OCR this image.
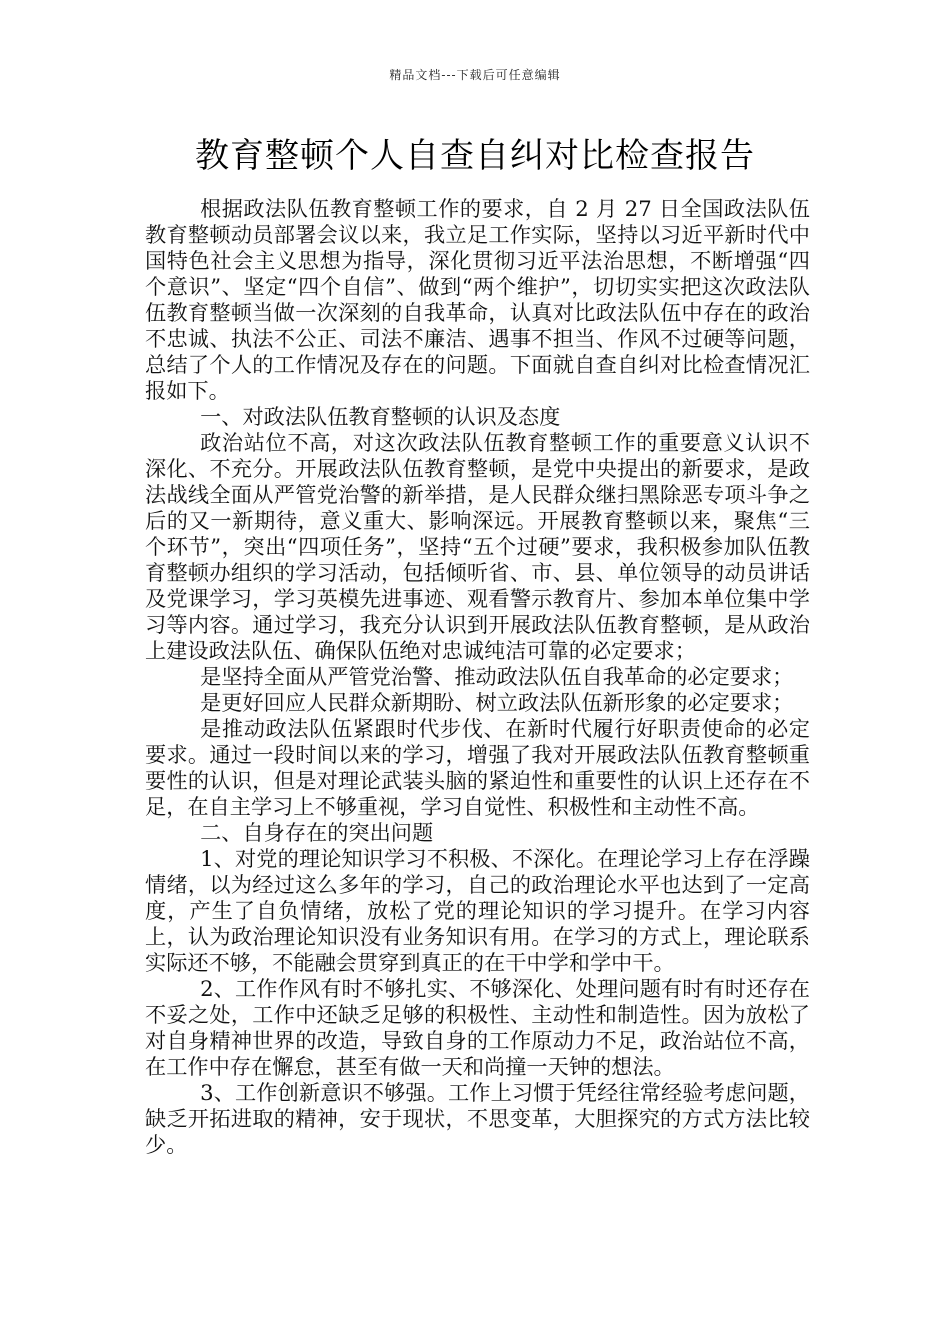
精品文档---下载后可任意编辑
教育整顿个人自查自纠对比检查报告

根据政法队伍教育整顿工作的要求，自 2 月 27 日全国政法队伍教育整顿动员部署会议以来，我立足工作实际，坚持以习近平新时代中国特色社会主义思想为指导，深化贯彻习近平法治思想，不断增强“四个意识”、坚定“四个自信”、做到“两个维护”，切切实实把这次政法队伍教育整顿当做一次深刻的自我革命，认真对比政法队伍中存在的政治不忠诚、执法不公正、司法不廉洁、遇事不担当、作风不过硬等问题，总结了个人的工作情况及存在的问题。下面就自查自纠对比检查情况汇报如下。

一、对政法队伍教育整顿的认识及态度

政治站位不高，对这次政法队伍教育整顿工作的重要意义认识不深化、不充分。开展政法队伍教育整顿，是党中央提出的新要求，是政法战线全面从严管党治警的新举措，是人民群众继扫黑除恶专项斗争之后的又一新期待，意义重大、影响深远。开展教育整顿以来，聚焦“三个环节”，突出“四项任务”，坚持“五个过硬”要求，我积极参加队伍教育整顿办组织的学习活动，包括倾听省、市、县、单位领导的动员讲话及党课学习，学习英模先进事迹、观看警示教育片、参加本单位集中学习等内容。通过学习，我充分认识到开展政法队伍教育整顿，是从政治上建设政法队伍、确保队伍绝对忠诚纯洁可靠的必定要求；

是坚持全面从严管党治警、推动政法队伍自我革命的必定要求；

是更好回应人民群众新期盼、树立政法队伍新形象的必定要求；

是推动政法队伍紧跟时代步伐、在新时代履行好职责使命的必定要求。通过一段时间以来的学习，增强了我对开展政法队伍教育整顿重要性的认识，但是对理论武装头脑的紧迫性和重要性的认识上还存在不足，在自主学习上不够重视，学习自觉性、积极性和主动性不高。

二、自身存在的突出问题

1、对党的理论知识学习不积极、不深化。在理论学习上存在浮躁情绪，以为经过这么多年的学习，自己的政治理论水平也达到了一定高度，产生了自负情绪，放松了党的理论知识的学习提升。在学习内容上，认为政治理论知识没有业务知识有用。在学习的方式上，理论联系实际还不够，不能融会贯穿到真正的在干中学和学中干。

2、工作作风有时不够扎实、不够深化、处理问题有时有时还存在不妥之处，工作中还缺乏足够的积极性、主动性和制造性。因为放松了对自身精神世界的改造，导致自身的工作原动力不足，政治站位不高，在工作中存在懈怠，甚至有做一天和尚撞一天钟的想法。

3、工作创新意识不够强。工作上习惯于凭经往常经验考虑问题，缺乏开拓进取的精神，安于现状，不思变革，大胆探究的方式方法比较少。
